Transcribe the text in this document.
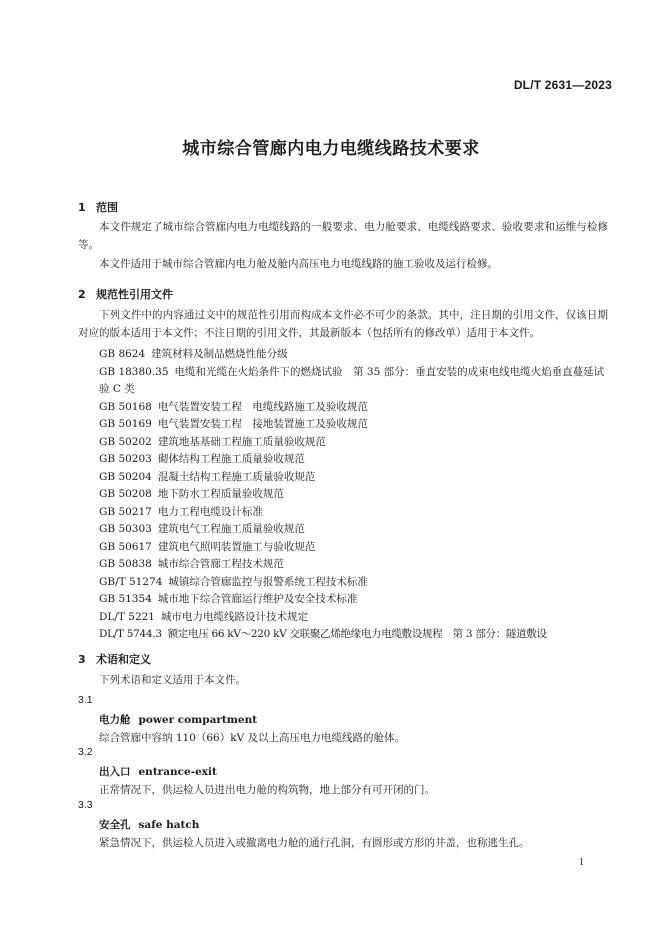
DL/T 2631—2023
城市综合管廊内电力电缆线路技术要求
1 范围
本文件规定了城市综合管廊内电力电缆线路的一般要求、电力舱要求、电缆线路要求、验收要求和运维与检修等。
本文件适用于城市综合管廊内电力舱及舱内高压电力电缆线路的施工验收及运行检修。
2 规范性引用文件
下列文件中的内容通过文中的规范性引用而构成本文件必不可少的条款。其中，注日期的引用文件，仅该日期对应的版本适用于本文件；不注日期的引用文件，其最新版本（包括所有的修改单）适用于本文件。
GB 8624 建筑材料及制品燃烧性能分级
GB 18380.35 电缆和光缆在火焰条件下的燃烧试验　第 35 部分：垂直安装的成束电线电缆火焰垂直蔓延试验 C 类
GB 50168 电气装置安装工程　电缆线路施工及验收规范
GB 50169 电气装置安装工程　接地装置施工及验收规范
GB 50202 建筑地基基础工程施工质量验收规范
GB 50203 砌体结构工程施工质量验收规范
GB 50204 混凝土结构工程施工质量验收规范
GB 50208 地下防水工程质量验收规范
GB 50217 电力工程电缆设计标准
GB 50303 建筑电气工程施工质量验收规范
GB 50617 建筑电气照明装置施工与验收规范
GB 50838 城市综合管廊工程技术规范
GB/T 51274 城镇综合管廊监控与报警系统工程技术标准
GB 51354 城市地下综合管廊运行维护及安全技术标准
DL/T 5221 城市电力电缆线路设计技术规定
DL/T 5744.3 额定电压 66 kV～220 kV 交联聚乙烯绝缘电力电缆敷设规程　第 3 部分：隧道敷设
3 术语和定义
下列术语和定义适用于本文件。
3.1
电力舱 power compartment
综合管廊中容纳 110（66）kV 及以上高压电力电缆线路的舱体。
3.2
出入口 entrance-exit
正常情况下，供运检人员进出电力舱的构筑物，地上部分有可开闭的门。
3.3
安全孔 safe hatch
紧急情况下，供运检人员进入或撤离电力舱的通行孔洞，有圆形或方形的井盖，也称逃生孔。
1
